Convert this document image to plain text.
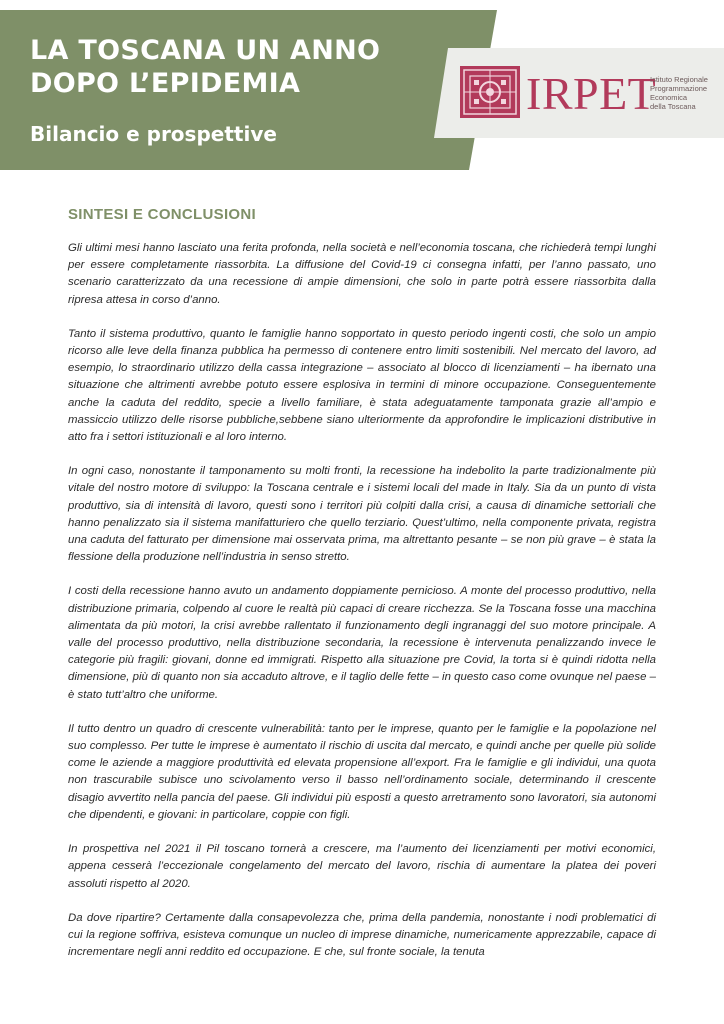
LA TOSCANA UN ANNO
DOPO L’EPIDEMIA
Bilancio e prospettive
IRPET
Istituto Regionale
Programmazione
Economica
della Toscana
SINTESI E CONCLUSIONI

Gli ultimi mesi hanno lasciato una ferita profonda, nella società e nell’economia toscana, che richiederà tempi lunghi per essere completamente riassorbita. La diffusione del Covid-19 ci consegna infatti, per l’anno passato, uno scenario caratterizzato da una recessione di ampie dimensioni, che solo in parte potrà essere riassorbita dalla ripresa attesa in corso d’anno.

Tanto il sistema produttivo, quanto le famiglie hanno sopportato in questo periodo ingenti costi, che solo un ampio ricorso alle leve della finanza pubblica ha permesso di contenere entro limiti sostenibili. Nel mercato del lavoro, ad esempio, lo straordinario utilizzo della cassa integrazione – associato al blocco di licenziamenti – ha ibernato una situazione che altrimenti avrebbe potuto essere esplosiva in termini di minore occupazione. Conseguentemente anche la caduta del reddito, specie a livello familiare, è stata adeguatamente tamponata grazie all’ampio e massiccio utilizzo delle risorse pubbliche,sebbene siano ulteriormente da approfondire le implicazioni distributive in atto fra i settori istituzionali e al loro interno.

In ogni caso, nonostante il tamponamento su molti fronti, la recessione ha indebolito la parte tradizionalmente più vitale del nostro motore di sviluppo: la Toscana centrale e i sistemi locali del made in Italy. Sia da un punto di vista produttivo, sia di intensità di lavoro, questi sono i territori più colpiti dalla crisi, a causa di dinamiche settoriali che hanno penalizzato sia il sistema manifatturiero che quello terziario. Quest’ultimo, nella componente privata, registra una caduta del fatturato per dimensione mai osservata prima, ma altrettanto pesante – se non più grave – è stata la flessione della produzione nell’industria in senso stretto.

I costi della recessione hanno avuto un andamento doppiamente pernicioso. A monte del processo produttivo, nella distribuzione primaria, colpendo al cuore le realtà più capaci di creare ricchezza. Se la Toscana fosse una macchina alimentata da più motori, la crisi avrebbe rallentato il funzionamento degli ingranaggi del suo motore principale. A valle del processo produttivo, nella distribuzione secondaria, la recessione è intervenuta penalizzando invece le categorie più fragili: giovani, donne ed immigrati. Rispetto alla situazione pre Covid, la torta si è quindi ridotta nella dimensione, più di quanto non sia accaduto altrove, e il taglio delle fette – in questo caso come ovunque nel paese – è stato tutt’altro che uniforme.

Il tutto dentro un quadro di crescente vulnerabilità: tanto per le imprese, quanto per le famiglie e la popolazione nel suo complesso. Per tutte le imprese è aumentato il rischio di uscita dal mercato, e quindi anche per quelle più solide come le aziende a maggiore produttività ed elevata propensione all’export. Fra le famiglie e gli individui, una quota non trascurabile subisce uno scivolamento verso il basso nell’ordinamento sociale, determinando il crescente disagio avvertito nella pancia del paese. Gli individui più esposti a questo arretramento sono lavoratori, sia autonomi che dipendenti, e giovani: in particolare, coppie con figli.

In prospettiva nel 2021 il Pil toscano tornerà a crescere, ma l’aumento dei licenziamenti per motivi economici, appena cesserà l’eccezionale congelamento del mercato del lavoro, rischia di aumentare la platea dei poveri assoluti rispetto al 2020.

Da dove ripartire? Certamente dalla consapevolezza che, prima della pandemia, nonostante i nodi problematici di cui la regione soffriva, esisteva comunque un nucleo di imprese dinamiche, numericamente apprezzabile, capace di incrementare negli anni reddito ed occupazione. E che, sul fronte sociale, la tenuta
